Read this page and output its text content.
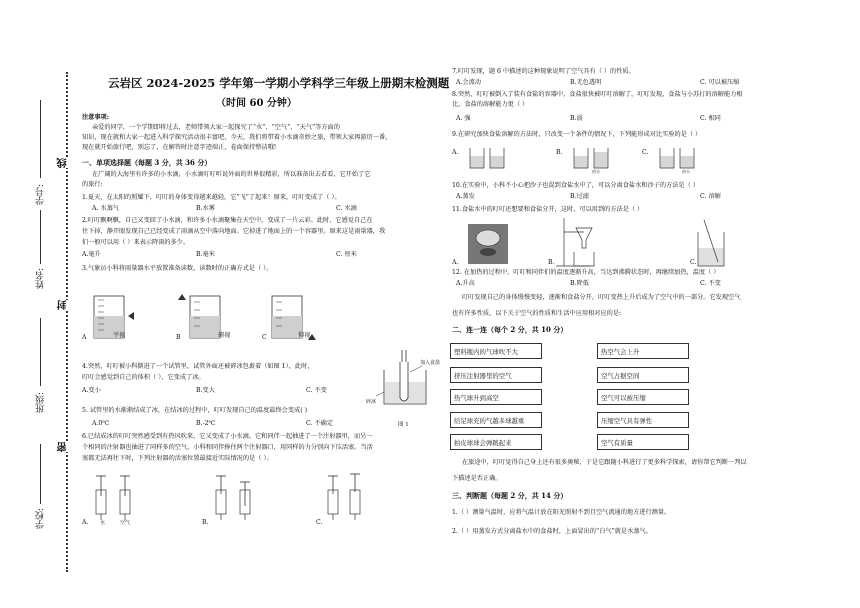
线
封
密
学号:
姓名:
班级:
学校:
云岩区 2024-2025 学年第一学期小学科学三年级上册期末检测题
（时间 60 分钟）
注意事项:
亲爱的同学，一个学期即将过去，老师带领大家一起探究了“水”、“空气”、“天气”等方面的
知识，现在就和大家一起进入科学探究活动很丰富吧，今天，我们将带着小水滴奇妙之旅，带领大家再游历一番，
现在就开始旅行吧，别忘了，在解答时注意字迹端正，卷面保持整洁哦!
一、单项选择题（每题 3 分，共 36 分）
在广阔的大海里有许多的小水滴，小水滴叮叮听说外面的世界很精彩，所以准备出去看看，它开始了它
的旅行:
1.夏天，在太阳的照耀下，叮叮的身体变得越来越轻，它“飞”了起来！原来，叮叮变成了（ ）。
A. 水蒸气	B.水雾	C. 水滴
2.叮叮飘啊飘，自己又变回了小水滴，和许多小水滴聚集在天空中，变成了一片云彩。此时，它感觉自己在
往下掉，静开眼发现自己已经变成了雨滴从空中落向地面。它掉进了地面上的一个容器里。原来这是雨量器，我
们一般可以用（ ）来表示降雨的多少。
A.毫升	B.毫米	C. 厘米
3.气象员小科将雨量器水平放置准备读数，读数时的正确方式是（ ）。
A	平视	B	俯视	C	仰视
4.突然，叮叮被小科倒进了一个试管里，试管外面还被碎冰包裹着（如图 1），此时，
叮叮会感觉到自己的体积（ ），它变成了冰。
A.变小	B.变大	C. 不变
加入食盐
碎冰
图 1
5. 试管里的水渐渐结成了冰，在结冰的过程中，叮叮发现自己的温度最终会变成( )
A.0℃	B.-2℃	C. 不确定
6.已结成冰的叮叮突然感受到有热风吹来，它又变成了小水滴。它和同伴一起抽进了一个注射器里，而另一
个相同的注射器也抽进了同样多的空气，小科和同伴捧住两个注射器口，用同样的力分别向下压活塞。当活
塞都无法再往下时，下列注射器的活塞位置最接近实际情况的是（ ）。
A. 水	空气	B.	C.
7.叮叮发现，题 6 中描述的这种现象说明了空气具有（ ）的性质。
A.会流动	B.无色透明	C. 可以被压缩
8.突然，叮叮被倒入了装有食盐的容器中，食盐很快被叮叮溶解了。叮叮发现，食盐与小苏打的溶解能力相
比，食盐的溶解能力更（ ）
A. 强	B.弱	C. 相同
9.在研究加快食盐溶解的方法时，只改变一个条件的情况下，下列能形成对比实验的是（ ）
热水	热水
A.	B.	C.
10.在实验中，小科不小心把沙子也混到食盐水中了，可以分离食盐水和沙子的方法是（ ）
A.蒸发	B.过滤	C. 溶解
11.食盐水中的叮叮还想要和食盐分开，这时，可以用到的方法是（ ）
A.	B.	C.
12. 在加热的过程中，叮叮和同伴们的温度逐渐升高，当达到沸腾状态时，再继续加热，温度（ ）
A.升高	B.降低	C. 不变
叮叮发现自己的身体慢慢变轻，逐渐和食盐分开，叮叮变热上升后成为了空气中的一部分。它发现空气
也有许多性质，以下关于空气的性质和生活中应用相对应的是:
二、连一连（每个 2 分，共 10 分）
塑料瓶内的气球吹不大
挤压注射器里的空气
热气球升到高空
给足球充的气越多球越重
拍皮球球会弹跳起来
热空气会上升
空气占据空间
空气可以被压缩
压缩空气具有弹性
空气有质量
在旅途中，叮叮觉得自己身上还有很多奥秘，于是它跟随小科进行了更多科学探索，请你帮它判断一判以
下描述是否正确。
三、判断题（每题 2 分，共 14 分）
1.（ ）测量气温时，应将气温计放在阳光照射不到且空气流通的地方进行测量。
2.（ ）用蒸发方式分离盐水中的食盐时，上面冒出的“白气”就是水蒸气。
